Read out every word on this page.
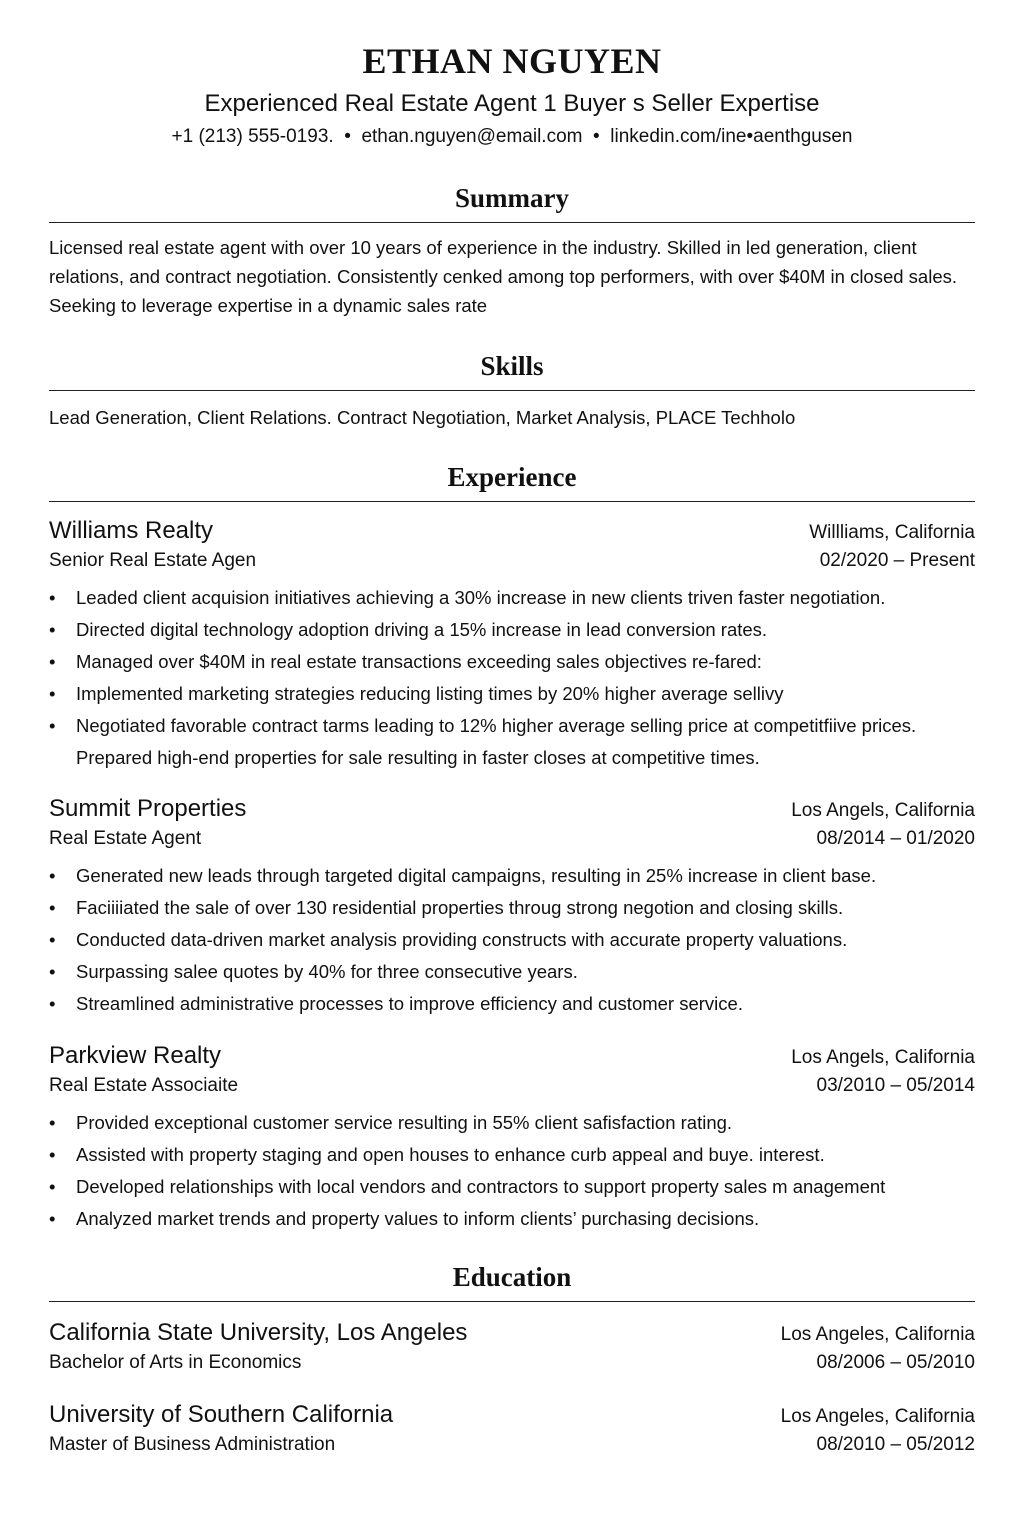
ETHAN NGUYEN
Experienced Real Estate Agent 1 Buyer s Seller Expertise
+1 (213) 555-0193. • ethan.nguyen@email.com • linkedin.com/ine•aenthgusen
Summary
Licensed real estate agent with over 10 years of experience in the industry. Skilled in led generation, client relations, and contract negotiation. Consistently cenked among top performers, with over $40M in closed sales. Seeking to leverage expertise in a dynamic sales rate
Skills
Lead Generation, Client Relations. Contract Negotiation, Market Analysis, PLACE Techholo
Experience
Williams Realty	Willliams, California
Senior Real Estate Agen	02/2020 – Present
• Leaded client acquision initiatives achieving a 30% increase in new clients triven faster negotiation.
• Directed digital technology adoption driving a 15% increase in lead conversion rates.
• Managed over $40M in real estate transactions exceeding sales objectives re-fared:
• Implemented marketing strategies reducing listing times by 20% higher average sellivy
• Negotiated favorable contract tarms leading to 12% higher average selling price at competitfiive prices. Prepared high-end properties for sale resulting in faster closes at competitive times.
Summit Properties	Los Angels, California
Real Estate Agent	08/2014 – 01/2020
• Generated new leads through targeted digital campaigns, resulting in 25% increase in client base.
• Faciiiiated the sale of over 130 residential properties throug strong negotion and closing skills.
• Conducted data-driven market analysis providing constructs with accurate property valuations.
• Surpassing salee quotes by 40% for three consecutive years.
• Streamlined administrative processes to improve efficiency and customer service.
Parkview Realty	Los Angels, California
Real Estate Associaite	03/2010 – 05/2014
• Provided exceptional customer service resulting in 55% client safisfaction rating.
• Assisted with property staging and open houses to enhance curb appeal and buye. interest.
• Developed relationships with local vendors and contractors to support property sales m anagement
• Analyzed market trends and property values to inform clients’ purchasing decisions.
Education
California State University, Los Angeles	Los Angeles, California
Bachelor of Arts in Economics	08/2006 – 05/2010
University of Southern California	Los Angeles, California
Master of Business Administration	08/2010 – 05/2012
